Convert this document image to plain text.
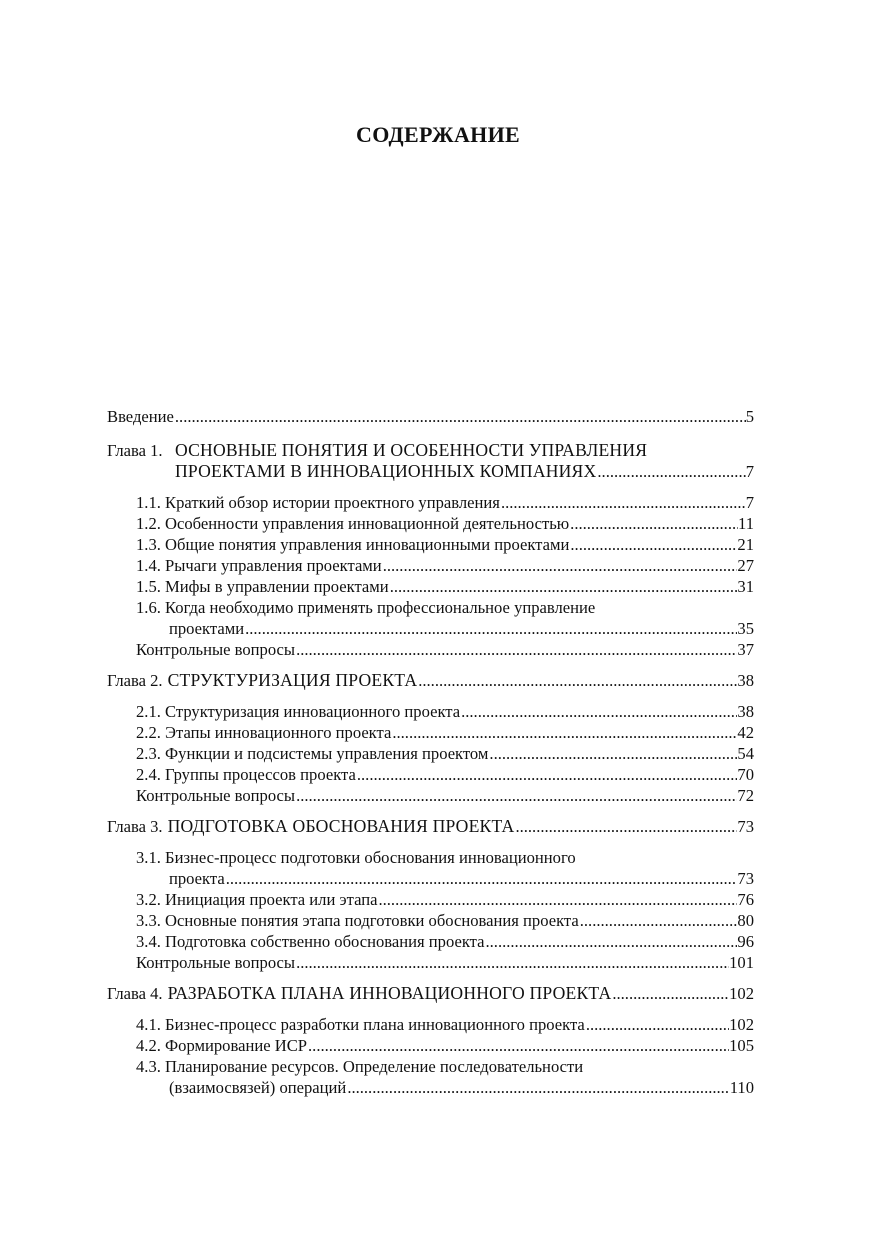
СОДЕРЖАНИЕ
Введение .....	5
Глава 1. ОСНОВНЫЕ ПОНЯТИЯ И ОСОБЕННОСТИ УПРАВЛЕНИЯ
ПРОЕКТАМИ В ИННОВАЦИОННЫХ КОМПАНИЯХ .....	7
1.1. Краткий обзор истории проектного управления .....	7
1.2. Особенности управления инновационной деятельностью .....	11
1.3. Общие понятия управления инновационными проектами .....	21
1.4. Рычаги управления проектами .....	27
1.5. Мифы в управлении проектами .....	31
1.6. Когда необходимо применять профессиональное управление
проектами .....	35
Контрольные вопросы .....	37
Глава 2. СТРУКТУРИЗАЦИЯ ПРОЕКТА .....	38
2.1. Структуризация инновационного проекта .....	38
2.2. Этапы инновационного проекта .....	42
2.3. Функции и подсистемы управления проектом .....	54
2.4. Группы процессов проекта .....	70
Контрольные вопросы .....	72
Глава 3. ПОДГОТОВКА ОБОСНОВАНИЯ ПРОЕКТА .....	73
3.1. Бизнес-процесс подготовки обоснования инновационного
проекта .....	73
3.2. Инициация проекта или этапа .....	76
3.3. Основные понятия этапа подготовки обоснования проекта .....	80
3.4. Подготовка собственно обоснования проекта .....	96
Контрольные вопросы .....	101
Глава 4. РАЗРАБОТКА ПЛАНА ИННОВАЦИОННОГО ПРОЕКТА .....	102
4.1. Бизнес-процесс разработки плана инновационного проекта .....	102
4.2. Формирование ИСР .....	105
4.3. Планирование ресурсов. Определение последовательности
(взаимосвязей) операций .....	110
